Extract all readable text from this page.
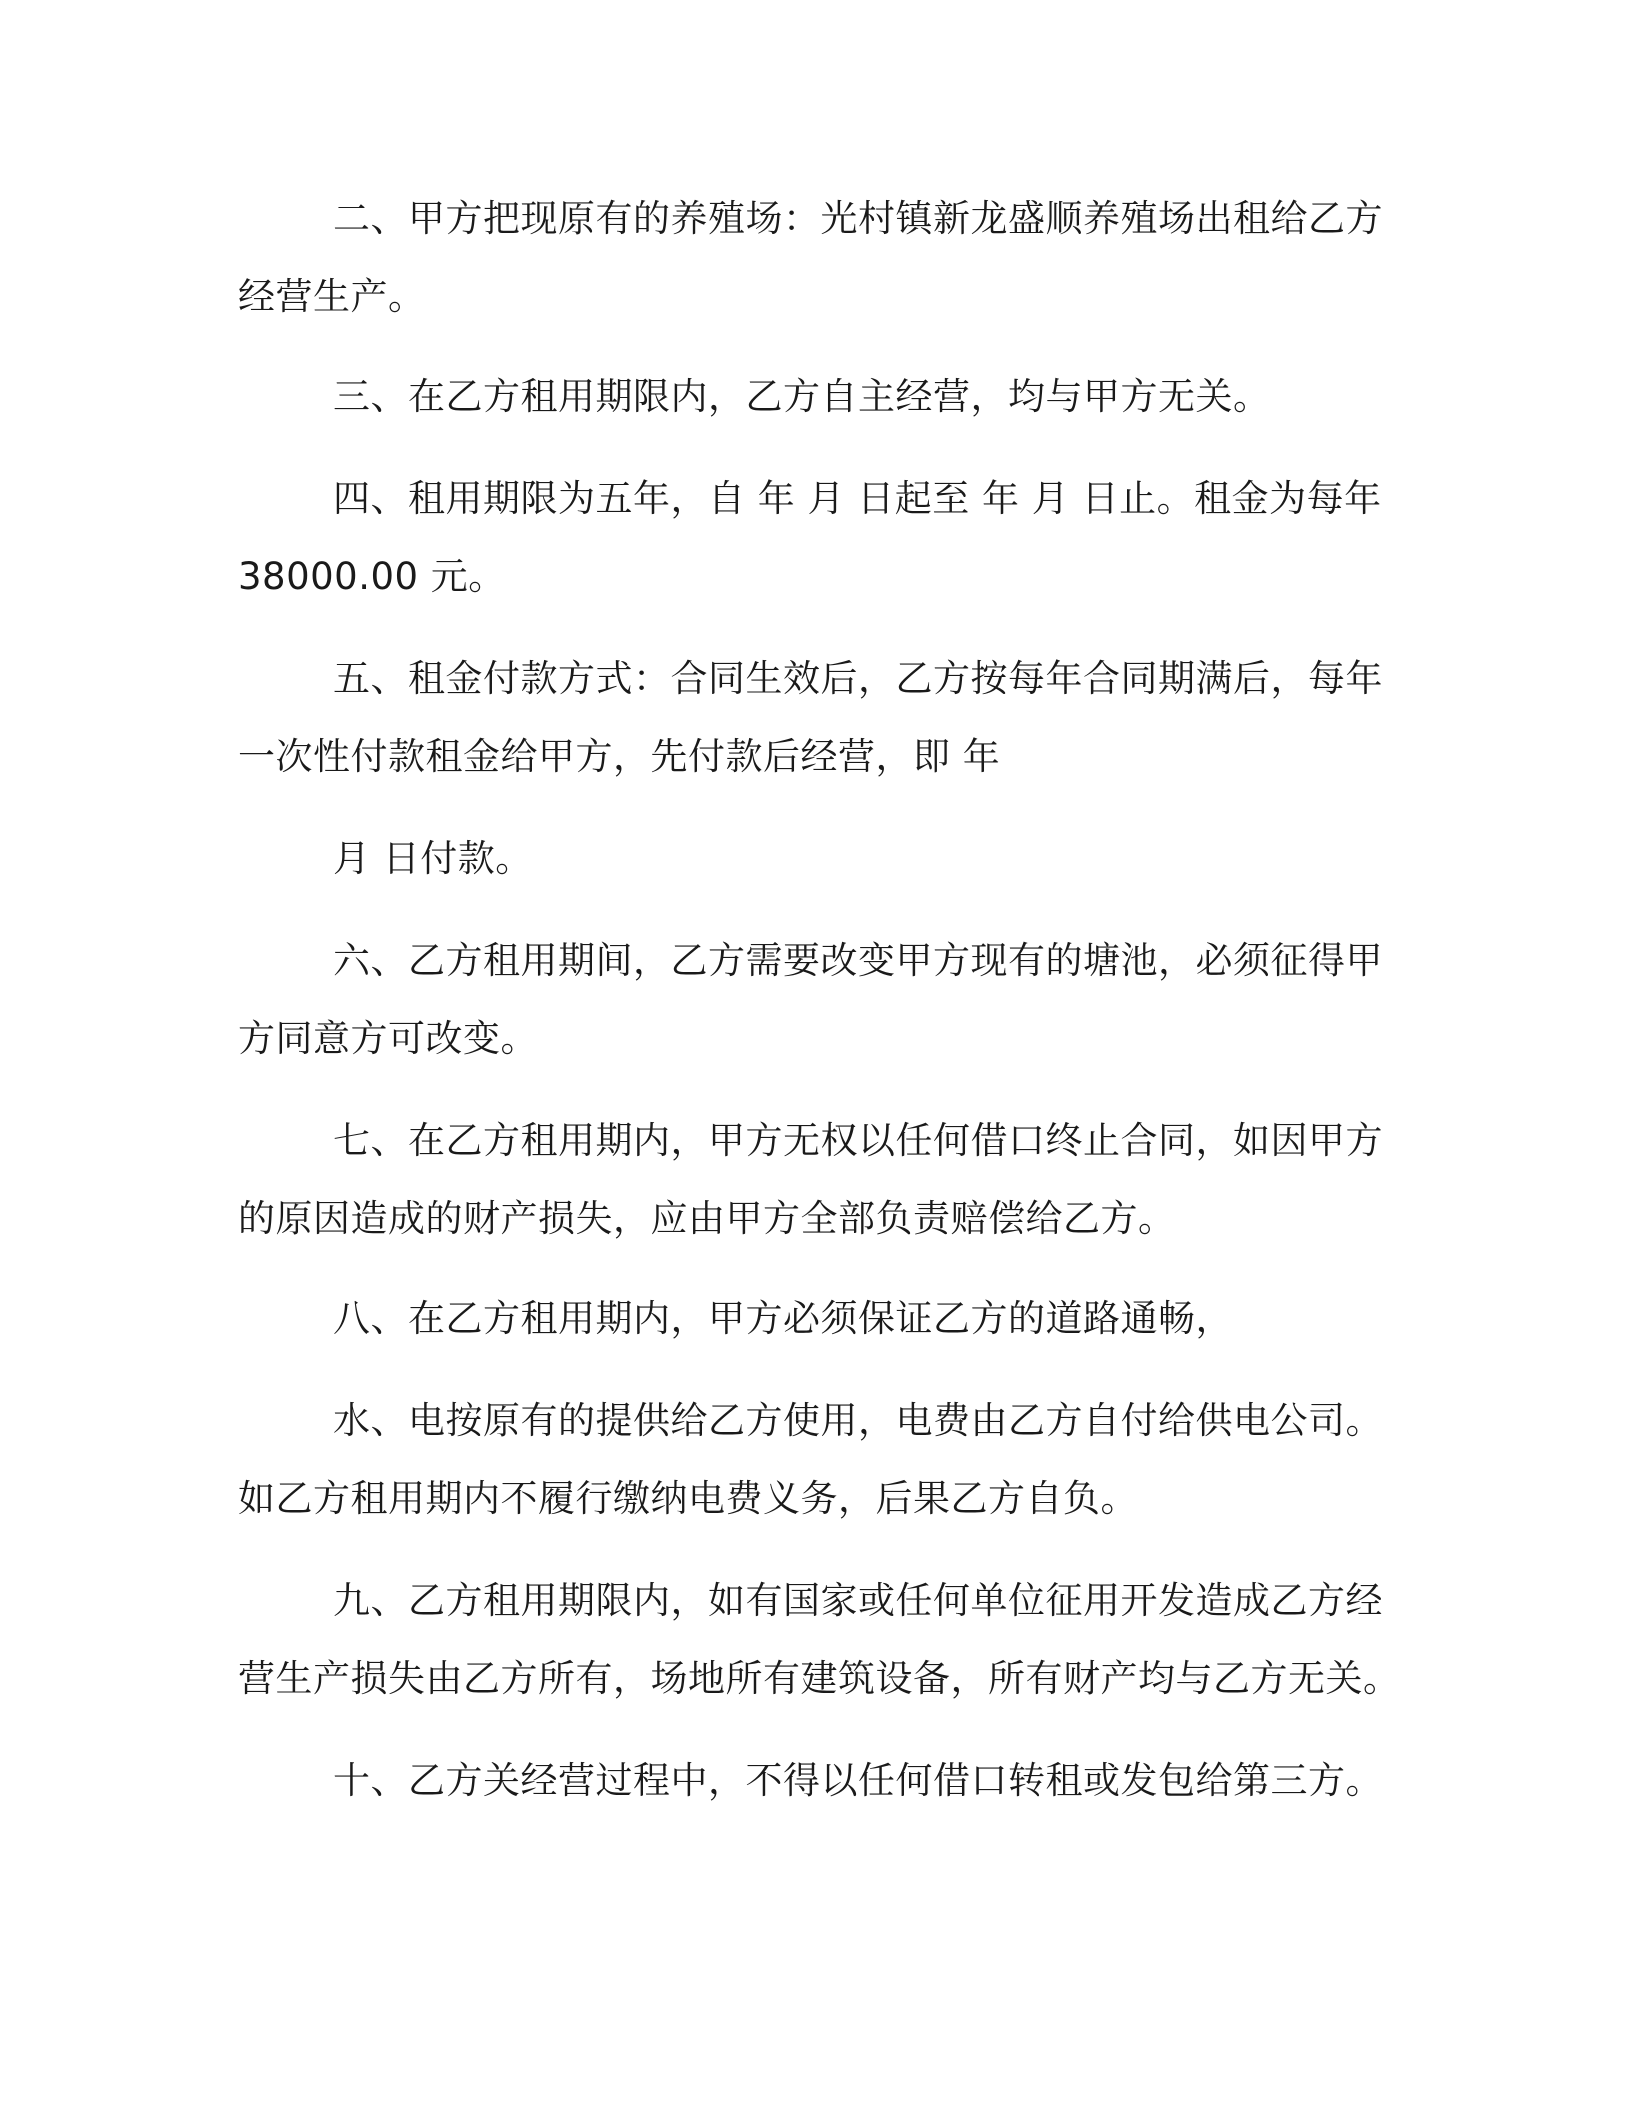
二、甲方把现原有的养殖场：光村镇新龙盛顺养殖场出租给乙方
经营生产。

三、在乙方租用期限内，乙方自主经营，均与甲方无关。

四、租用期限为五年，自 年 月 日起至 年 月 日止。租金为每年
38000.00 元。

五、租金付款方式：合同生效后，乙方按每年合同期满后，每年
一次性付款租金给甲方，先付款后经营，即 年

月 日付款。

六、乙方租用期间，乙方需要改变甲方现有的塘池，必须征得甲
方同意方可改变。

七、在乙方租用期内，甲方无权以任何借口终止合同，如因甲方
的原因造成的财产损失，应由甲方全部负责赔偿给乙方。

八、在乙方租用期内，甲方必须保证乙方的道路通畅，

水、电按原有的提供给乙方使用，电费由乙方自付给供电公司。
如乙方租用期内不履行缴纳电费义务，后果乙方自负。

九、乙方租用期限内，如有国家或任何单位征用开发造成乙方经
营生产损失由乙方所有，场地所有建筑设备，所有财产均与乙方无关。

十、乙方关经营过程中，不得以任何借口转租或发包给第三方。
